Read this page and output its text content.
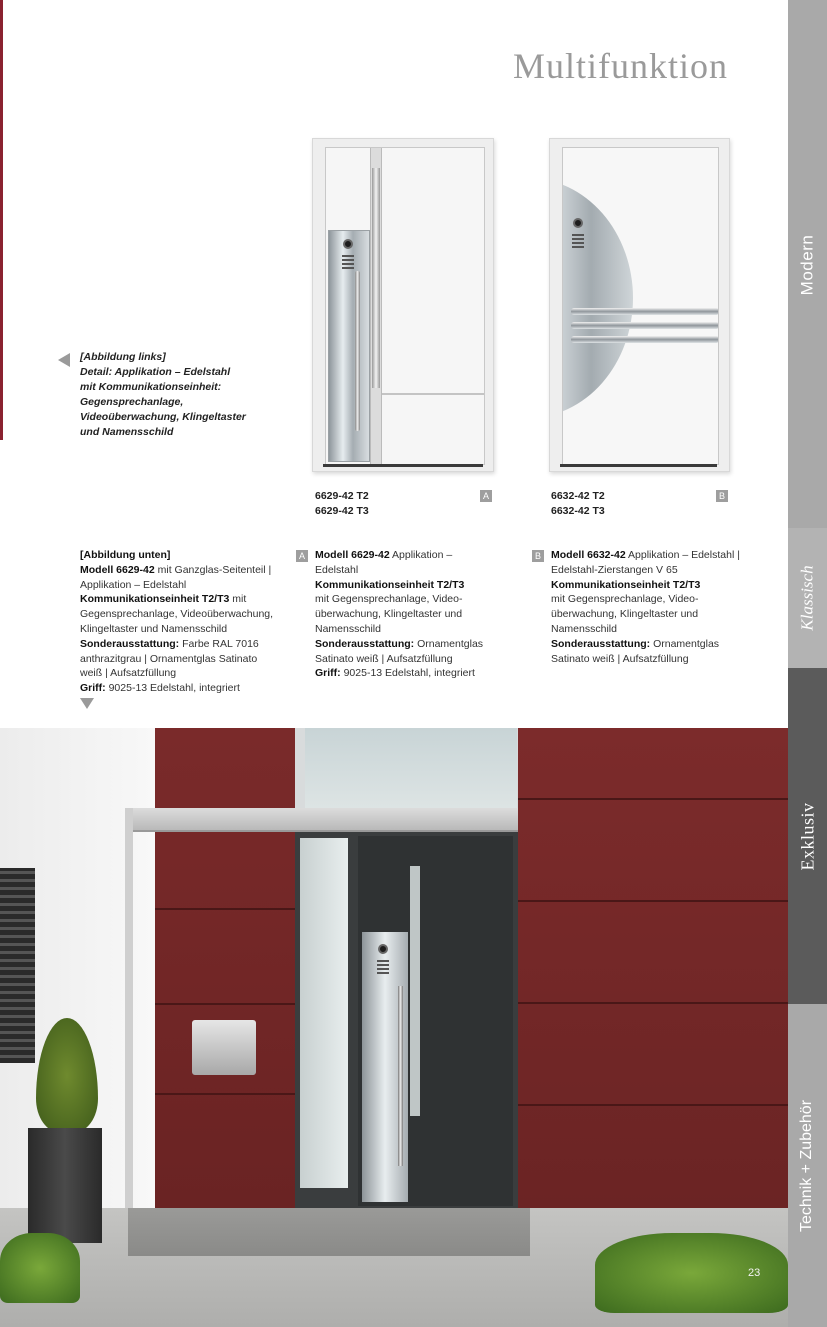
Multifunktion
Modern
Klassisch
Exklusiv
Technik + Zubehör
6629-42 T2
6629-42 T3
A	6632-42 T2
6632-42 T3
B
[Abbildung links]
Detail: Applikation – Edelstahl
mit Kommunikationseinheit:
Gegensprechanlage,
Videoüberwachung, Klingeltaster
und Namensschild
[Abbildung unten]
Modell 6629-42 mit Ganzglas-Seitenteil |
Applikation – Edelstahl
Kommunikationseinheit T2/T3 mit
Gegensprechanlage, Videoüberwachung,
Klingeltaster und Namensschild
Sonderausstattung: Farbe RAL 7016
anthrazitgrau | Ornamentglas Satinato
weiß | Aufsatzfüllung
Griff: 9025-13 Edelstahl, integriert
A Modell 6629-42 Applikation –
Edelstahl
Kommunikationseinheit T2/T3
mit Gegensprechanlage, Video-
überwachung, Klingeltaster und
Namensschild
Sonderausstattung: Ornamentglas
Satinato weiß | Aufsatzfüllung
Griff: 9025-13 Edelstahl, integriert
B Modell 6632-42 Applikation – Edelstahl |
Edelstahl-Zierstangen V 65
Kommunikationseinheit T2/T3
mit Gegensprechanlage, Video-
überwachung, Klingeltaster und
Namensschild
Sonderausstattung: Ornamentglas
Satinato weiß | Aufsatzfüllung
23
